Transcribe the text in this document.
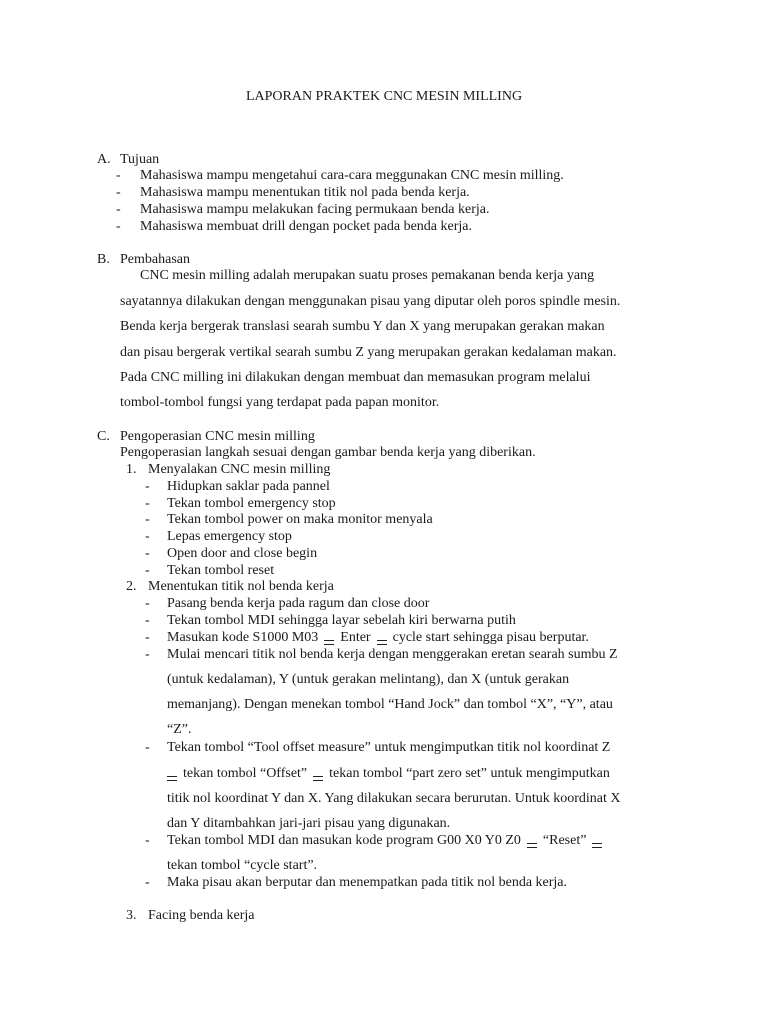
LAPORAN PRAKTEK CNC MESIN MILLING
A. Tujuan
- Mahasiswa mampu mengetahui cara-cara meggunakan CNC mesin milling.
- Mahasiswa mampu menentukan titik nol pada benda kerja.
- Mahasiswa mampu melakukan facing permukaan benda kerja.
- Mahasiswa membuat drill dengan pocket pada benda kerja.
B. Pembahasan
CNC mesin milling adalah merupakan suatu proses pemakanan benda kerja yang
sayatannya dilakukan dengan menggunakan pisau yang diputar oleh poros spindle mesin.
Benda kerja bergerak translasi searah sumbu Y dan X yang merupakan gerakan makan
dan pisau bergerak vertikal searah sumbu Z yang merupakan gerakan kedalaman makan.
Pada CNC milling ini dilakukan dengan membuat dan memasukan program melalui
tombol-tombol fungsi yang terdapat pada papan monitor.
C. Pengoperasian CNC mesin milling
Pengoperasian langkah sesuai dengan gambar benda kerja yang diberikan.
1. Menyalakan CNC mesin milling
- Hidupkan saklar pada pannel
- Tekan tombol emergency stop
- Tekan tombol power on maka monitor menyala
- Lepas emergency stop
- Open door and close begin
- Tekan tombol reset
2. Menentukan titik nol benda kerja
- Pasang benda kerja pada ragum dan close door
- Tekan tombol MDI sehingga layar sebelah kiri berwarna putih
- Masukan kode S1000 M03 Enter cycle start sehingga pisau berputar.
- Mulai mencari titik nol benda kerja dengan menggerakan eretan searah sumbu Z
(untuk kedalaman), Y (untuk gerakan melintang), dan X (untuk gerakan
memanjang). Dengan menekan tombol “Hand Jock” dan tombol “X”, “Y”, atau
“Z”.
- Tekan tombol “Tool offset measure” untuk mengimputkan titik nol koordinat Z
tekan tombol “Offset” tekan tombol “part zero set” untuk mengimputkan
titik nol koordinat Y dan X. Yang dilakukan secara berurutan. Untuk koordinat X
dan Y ditambahkan jari-jari pisau yang digunakan.
- Tekan tombol MDI dan masukan kode program G00 X0 Y0 Z0 “Reset”
tekan tombol “cycle start”.
- Maka pisau akan berputar dan menempatkan pada titik nol benda kerja.
3. Facing benda kerja
